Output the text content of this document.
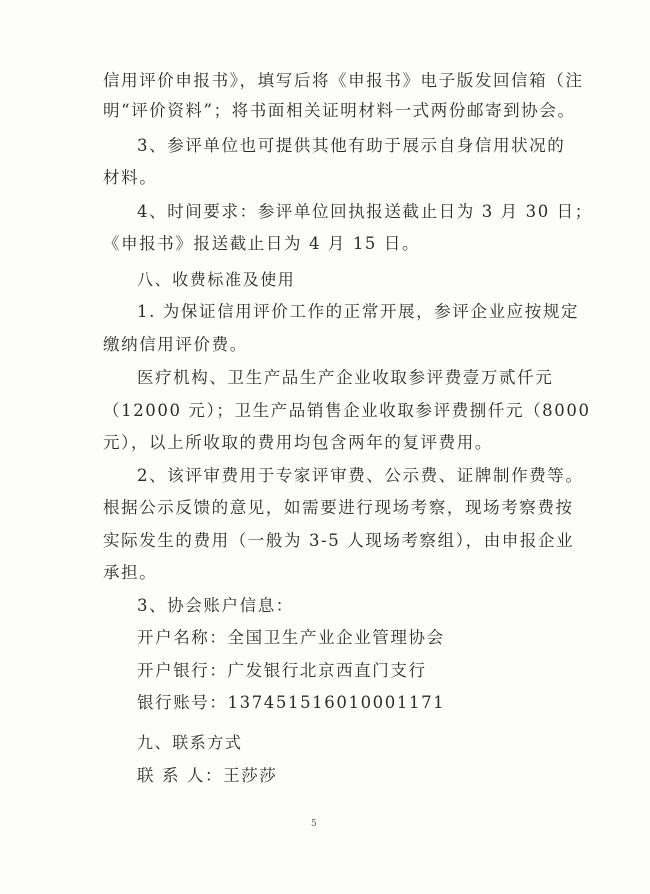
信用评价申报书》，填写后将《申报书》电子版发回信箱（注
明“评价资料”；将书面相关证明材料一式两份邮寄到协会。
3、参评单位也可提供其他有助于展示自身信用状况的
材料。
4、时间要求：参评单位回执报送截止日为 3 月 30 日；
《申报书》报送截止日为 4 月 15 日。
八、收费标准及使用
1. 为保证信用评价工作的正常开展，参评企业应按规定
缴纳信用评价费。
医疗机构、卫生产品生产企业收取参评费壹万贰仟元
（12000 元）；卫生产品销售企业收取参评费捌仟元（8000
元），以上所收取的费用均包含两年的复评费用。
2、该评审费用于专家评审费、公示费、证牌制作费等。
根据公示反馈的意见，如需要进行现场考察，现场考察费按
实际发生的费用（一般为 3-5 人现场考察组），由申报企业
承担。
3、协会账户信息：
开户名称：全国卫生产业企业管理协会
开户银行：广发银行北京西直门支行
银行账号：137451516010001171
九、联系方式
联 系 人：王莎莎
5
